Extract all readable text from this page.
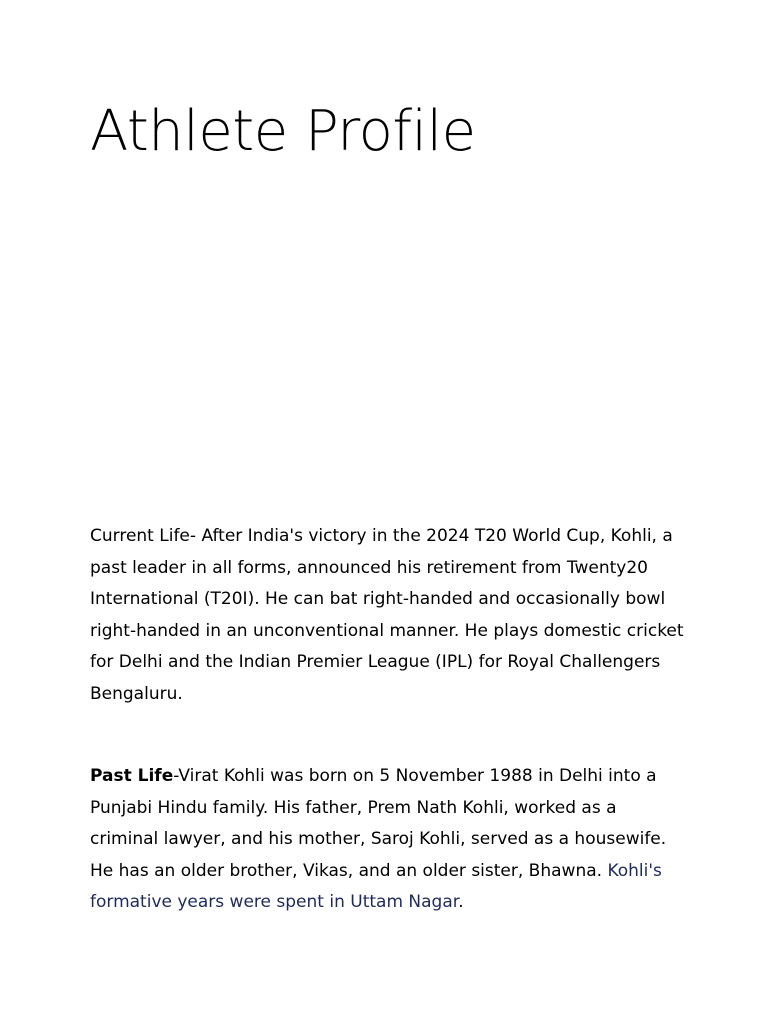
Athlete Profile

Current Life- After India's victory in the 2024 T20 World Cup, Kohli, a past leader in all forms, announced his retirement from Twenty20 International (T20I). He can bat right-handed and occasionally bowl right-handed in an unconventional manner. He plays domestic cricket for Delhi and the Indian Premier League (IPL) for Royal Challengers Bengaluru.

Past Life-Virat Kohli was born on 5 November 1988 in Delhi into a Punjabi Hindu family. His father, Prem Nath Kohli, worked as a criminal lawyer, and his mother, Saroj Kohli, served as a housewife. He has an older brother, Vikas, and an older sister, Bhawna. Kohli's formative years were spent in Uttam Nagar.
